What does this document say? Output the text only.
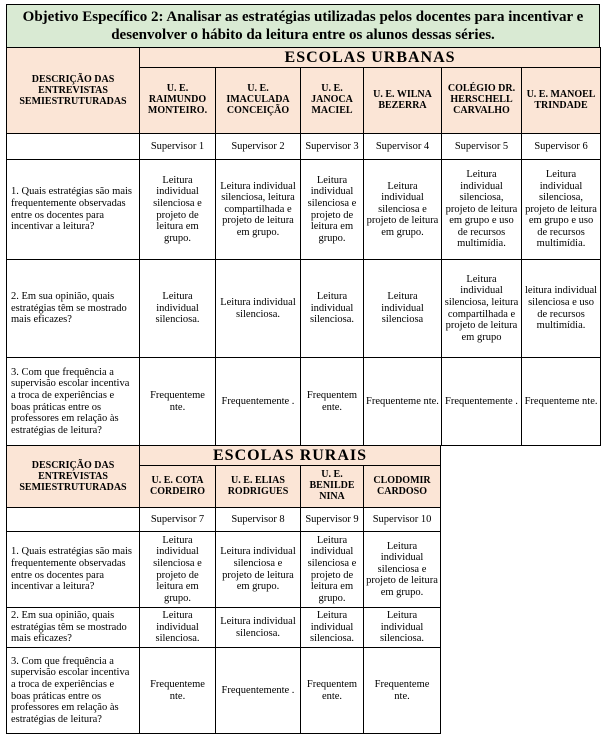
Objetivo Específico 2: Analisar as estratégias utilizadas pelos docentes para incentivar e desenvolver o hábito da leitura entre os alunos dessas séries.
DESCRIÇÃO DAS ENTREVISTAS SEMIESTRUTURADAS	ESCOLAS URBANAS					
	U. E. RAIMUNDO MONTEIRO.	U. E. IMACULADA CONCEIÇÃO	U. E. JANOCA MACIEL	U. E. WILNA BEZERRA	COLÉGIO DR. HERSCHELL CARVALHO	U. E. MANOEL TRINDADE
	Supervisor 1	Supervisor 2	Supervisor 3	Supervisor 4	Supervisor 5	Supervisor 6
1. Quais estratégias são mais frequentemente observadas entre os docentes para incentivar a leitura?	Leitura individual silenciosa e projeto de leitura em grupo.	Leitura individual silenciosa, leitura compartilhada e projeto de leitura em grupo.	Leitura individual silenciosa e projeto de leitura em grupo.	Leitura individual silenciosa e projeto de leitura em grupo.	Leitura individual silenciosa, projeto de leitura em grupo e uso de recursos multimídia.	Leitura individual silenciosa, projeto de leitura em grupo e uso de recursos multimídia.
2. Em sua opinião, quais estratégias têm se mostrado mais eficazes?	Leitura individual silenciosa.	Leitura individual silenciosa.	Leitura individual silenciosa.	Leitura individual silenciosa	Leitura individual silenciosa, leitura compartilhada e projeto de leitura em grupo	leitura individual silenciosa e uso de recursos multimídia.
3. Com que frequência a supervisão escolar incentiva a troca de experiências e boas práticas entre os professores em relação às estratégias de leitura?	Frequenteme nte.	Frequentemente .	Frequentem ente.	Frequenteme nte.	Frequentemente .	Frequenteme nte.
DESCRIÇÃO DAS ENTREVISTAS SEMIESTRUTURADAS	ESCOLAS RURAIS			
	U. E. COTA CORDEIRO	U. E. ELIAS RODRIGUES	U. E. BENILDE NINA	CLODOMIR CARDOSO
	Supervisor 7	Supervisor 8	Supervisor 9	Supervisor 10
1. Quais estratégias são mais frequentemente observadas entre os docentes para incentivar a leitura?	Leitura individual silenciosa e projeto de leitura em grupo.	Leitura individual silenciosa e projeto de leitura em grupo.	Leitura individual silenciosa e projeto de leitura em grupo.	Leitura individual silenciosa e projeto de leitura em grupo.
2. Em sua opinião, quais estratégias têm se mostrado mais eficazes?	Leitura individual silenciosa.	Leitura individual silenciosa.	Leitura individual silenciosa.	Leitura individual silenciosa.
3. Com que frequência a supervisão escolar incentiva a troca de experiências e boas práticas entre os professores em relação às estratégias de leitura?	Frequenteme nte.	Frequentemente .	Frequentem ente.	Frequenteme nte.
